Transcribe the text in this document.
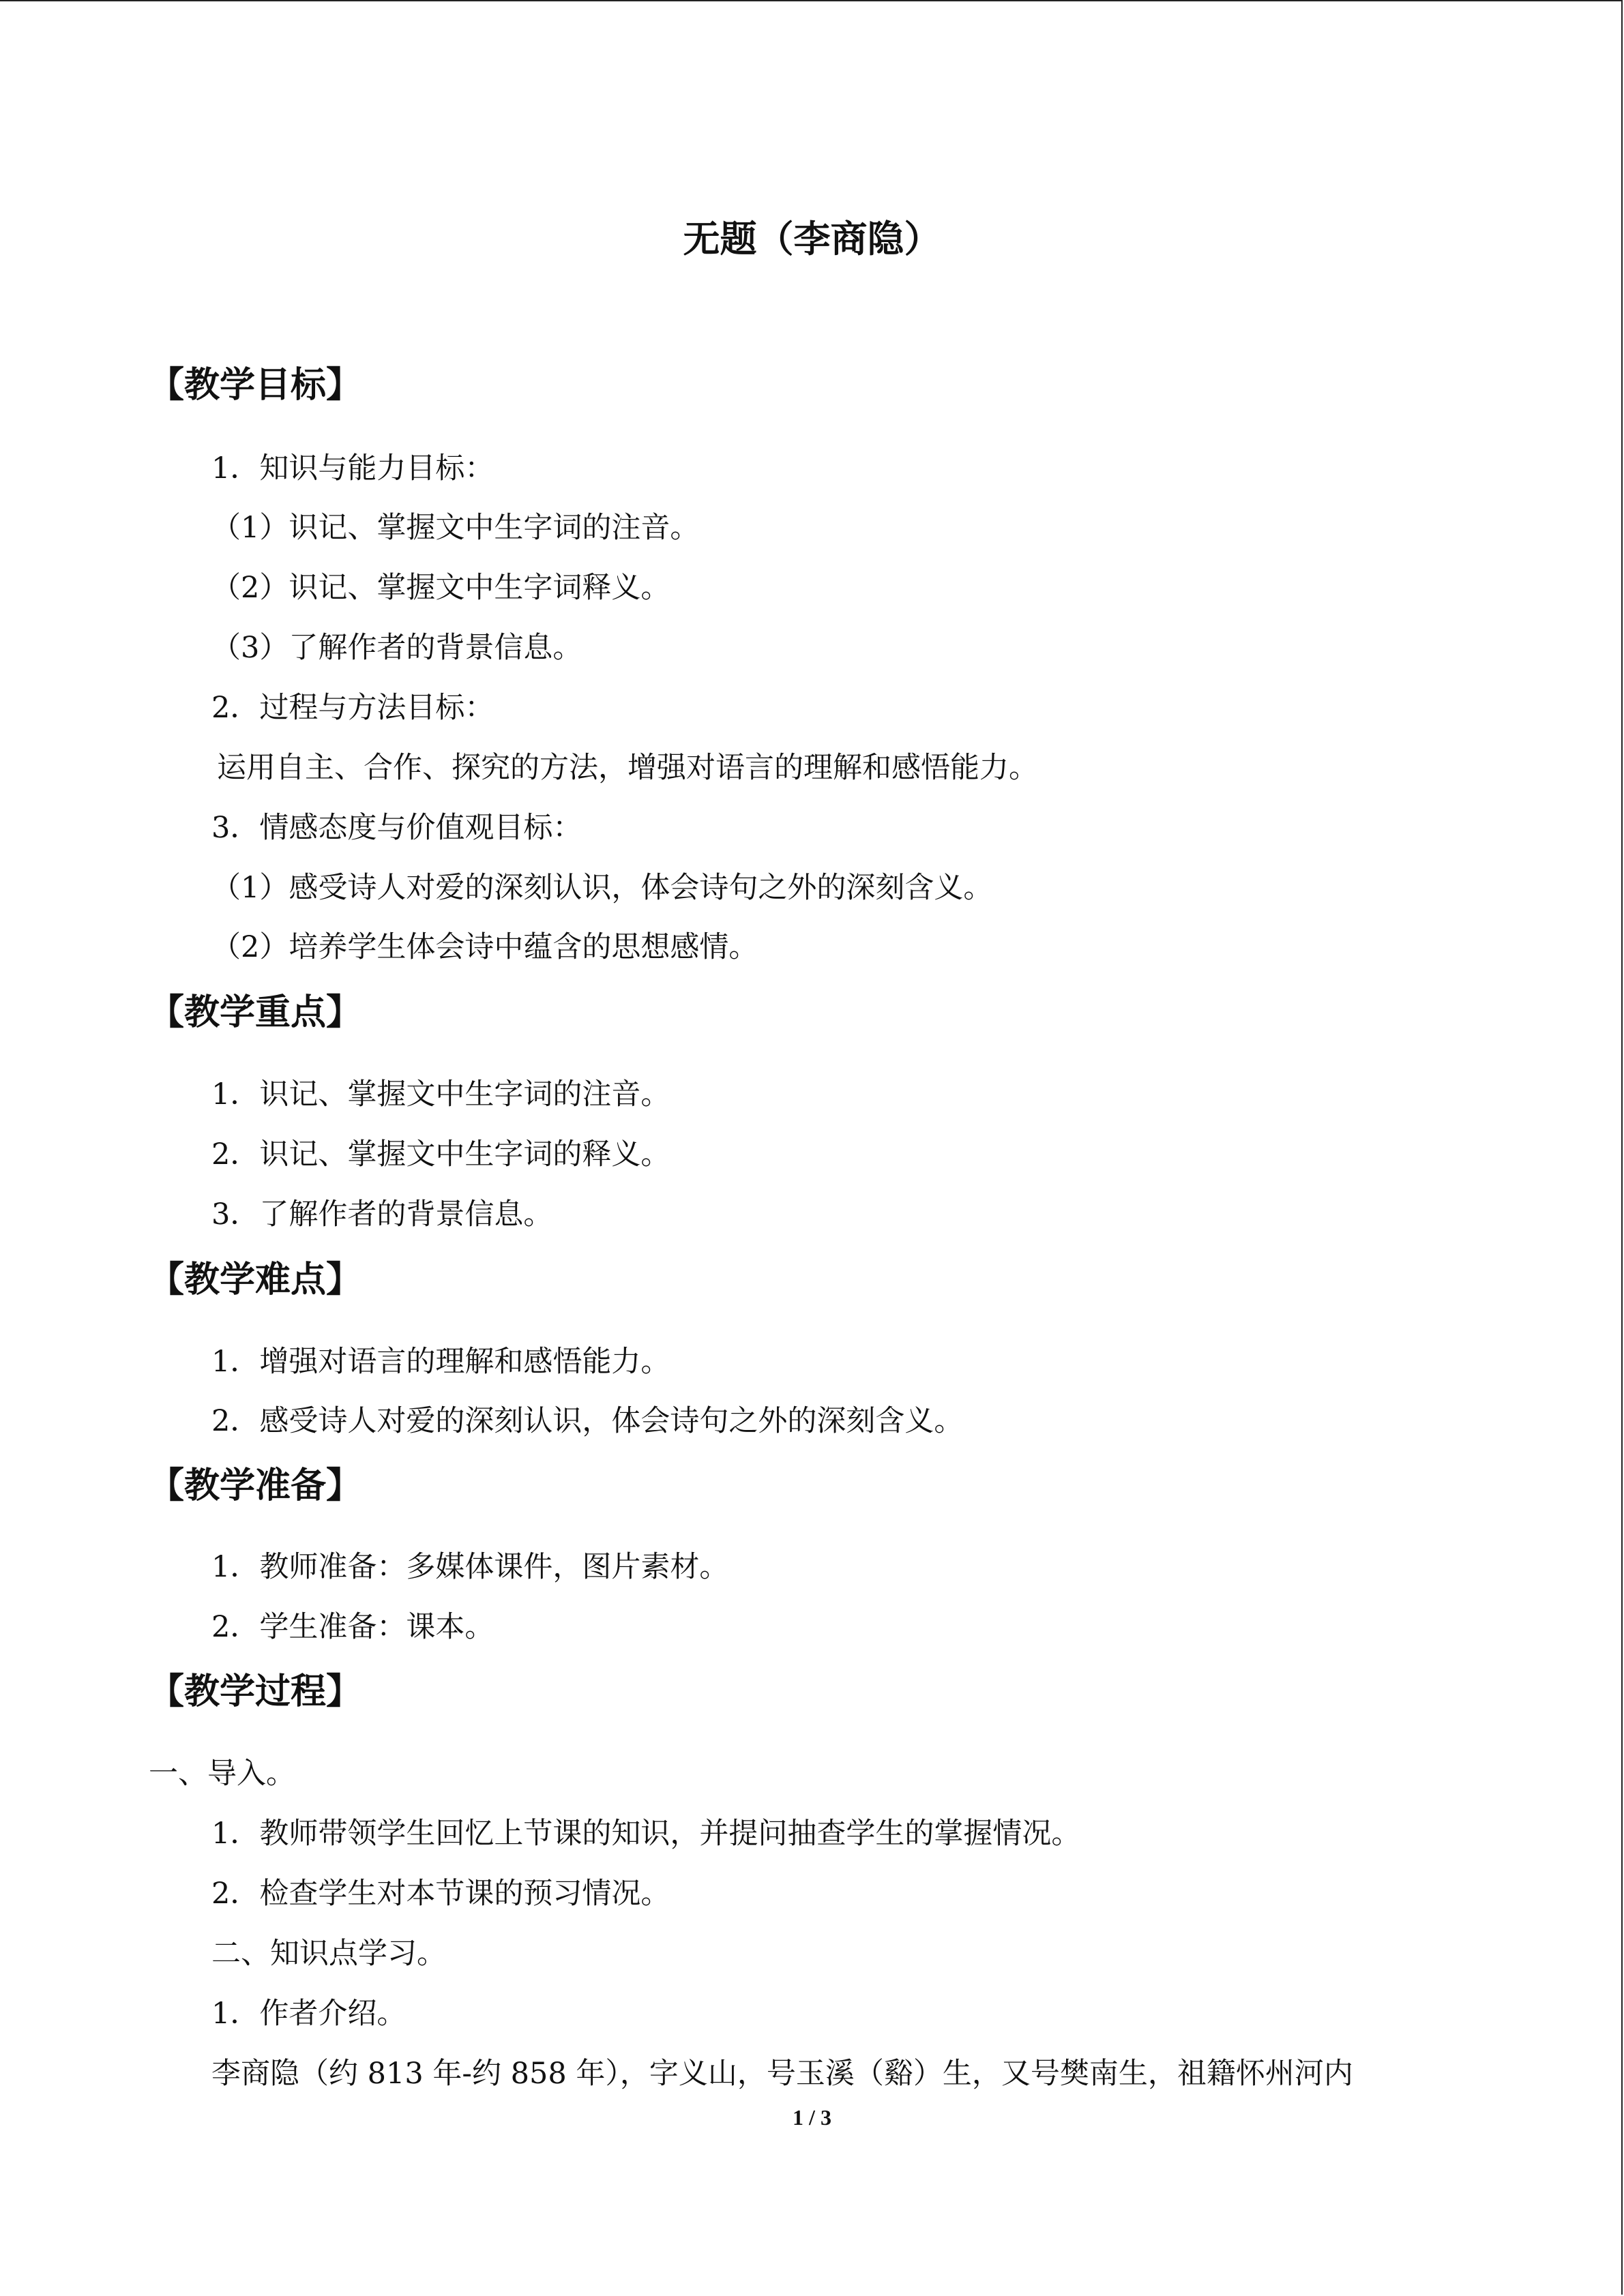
无题（李商隐）
【教学目标】
1．知识与能力目标：
（1）识记、掌握文中生字词的注音。
（2）识记、掌握文中生字词释义。
（3）了解作者的背景信息。
2．过程与方法目标：
运用自主、合作、探究的方法，增强对语言的理解和感悟能力。
3．情感态度与价值观目标：
（1）感受诗人对爱的深刻认识，体会诗句之外的深刻含义。
（2）培养学生体会诗中蕴含的思想感情。
【教学重点】
1．识记、掌握文中生字词的注音。
2．识记、掌握文中生字词的释义。
3．了解作者的背景信息。
【教学难点】
1．增强对语言的理解和感悟能力。
2．感受诗人对爱的深刻认识，体会诗句之外的深刻含义。
【教学准备】
1．教师准备：多媒体课件，图片素材。
2．学生准备：课本。
【教学过程】
一、导入。
1．教师带领学生回忆上节课的知识，并提问抽查学生的掌握情况。
2．检查学生对本节课的预习情况。
二、知识点学习。
1．作者介绍。
李商隐（约 813 年-约 858 年），字义山，号玉溪（谿）生，又号樊南生，祖籍怀州河内
1 / 3
